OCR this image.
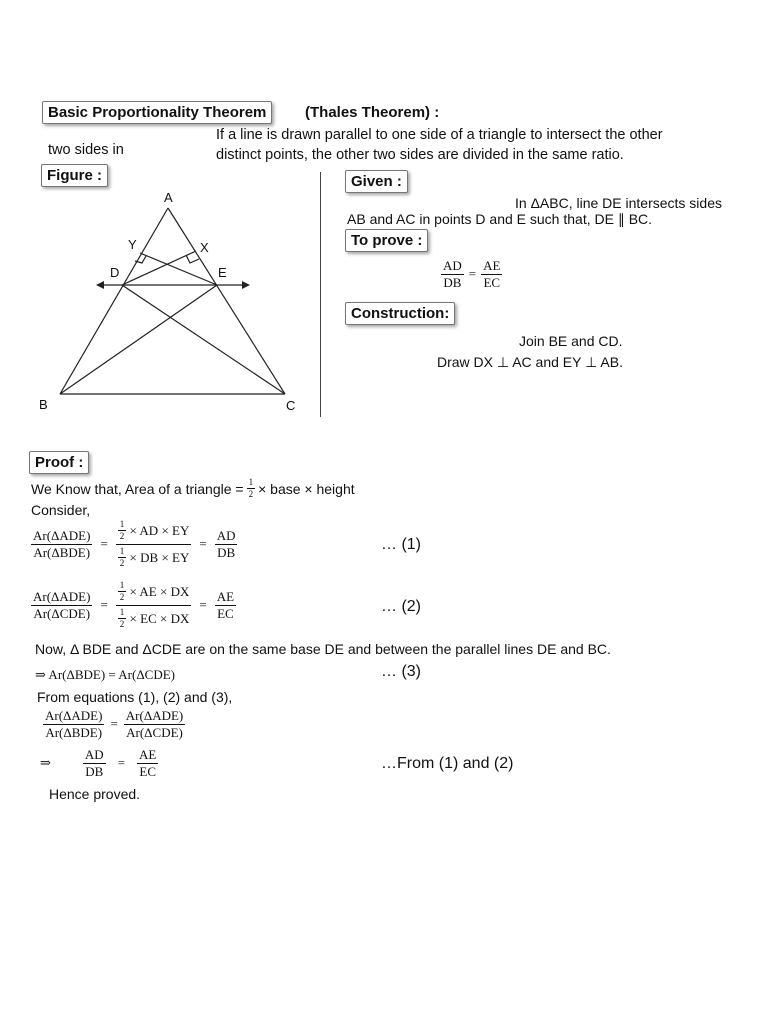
Basic Proportionality Theorem	(Thales Theorem) :
If a line is drawn parallel to one side of a triangle to intersect the other
two sides in	distinct points, the other two sides are divided in the same ratio.
Figure :
A
B	C
D	E
X
Y
Given :
In ΔABC, line DE intersects sides
AB and AC in points D and E such that, DE ∥ BC.
To prove :
$\frac{AD}{DB} = \frac{AE}{EC}$
Construction:
Join BE and CD.
Draw DX ⊥ AC and EY ⊥ AB.
Proof :
We Know that, Area of a triangle = $\frac{1}{2}$ × base × height
Consider,
$\frac{\text{Ar(ΔADE)}}{\text{Ar(ΔBDE)}} = \frac{1}{2}$
× AD × EY
$\frac{1}{2}$
× DB × EY = $\frac{AD}{DB}$	… (1)
$\frac{\text{Ar(ΔADE)}}{\text{Ar(ΔCDE)}} = \frac{1}{2}$
× AE × DX
$\frac{1}{2}$
× EC × DX = $\frac{AE}{EC}$	… (2)
Now, Δ BDE and ΔCDE are on the same base DE and between the parallel lines DE and BC.
⇒ Ar(ΔBDE) = Ar(ΔCDE)	… (3)
From equations (1), (2) and (3),
$\frac{\text{Ar(ΔADE)}}{\text{Ar(ΔBDE)}} = \frac{\text{Ar(ΔADE)}}{\text{Ar(ΔCDE)}}$
⇒ $\frac{AD}{DB} = \frac{AE}{EC}$	…From (1) and (2)
Hence proved.
